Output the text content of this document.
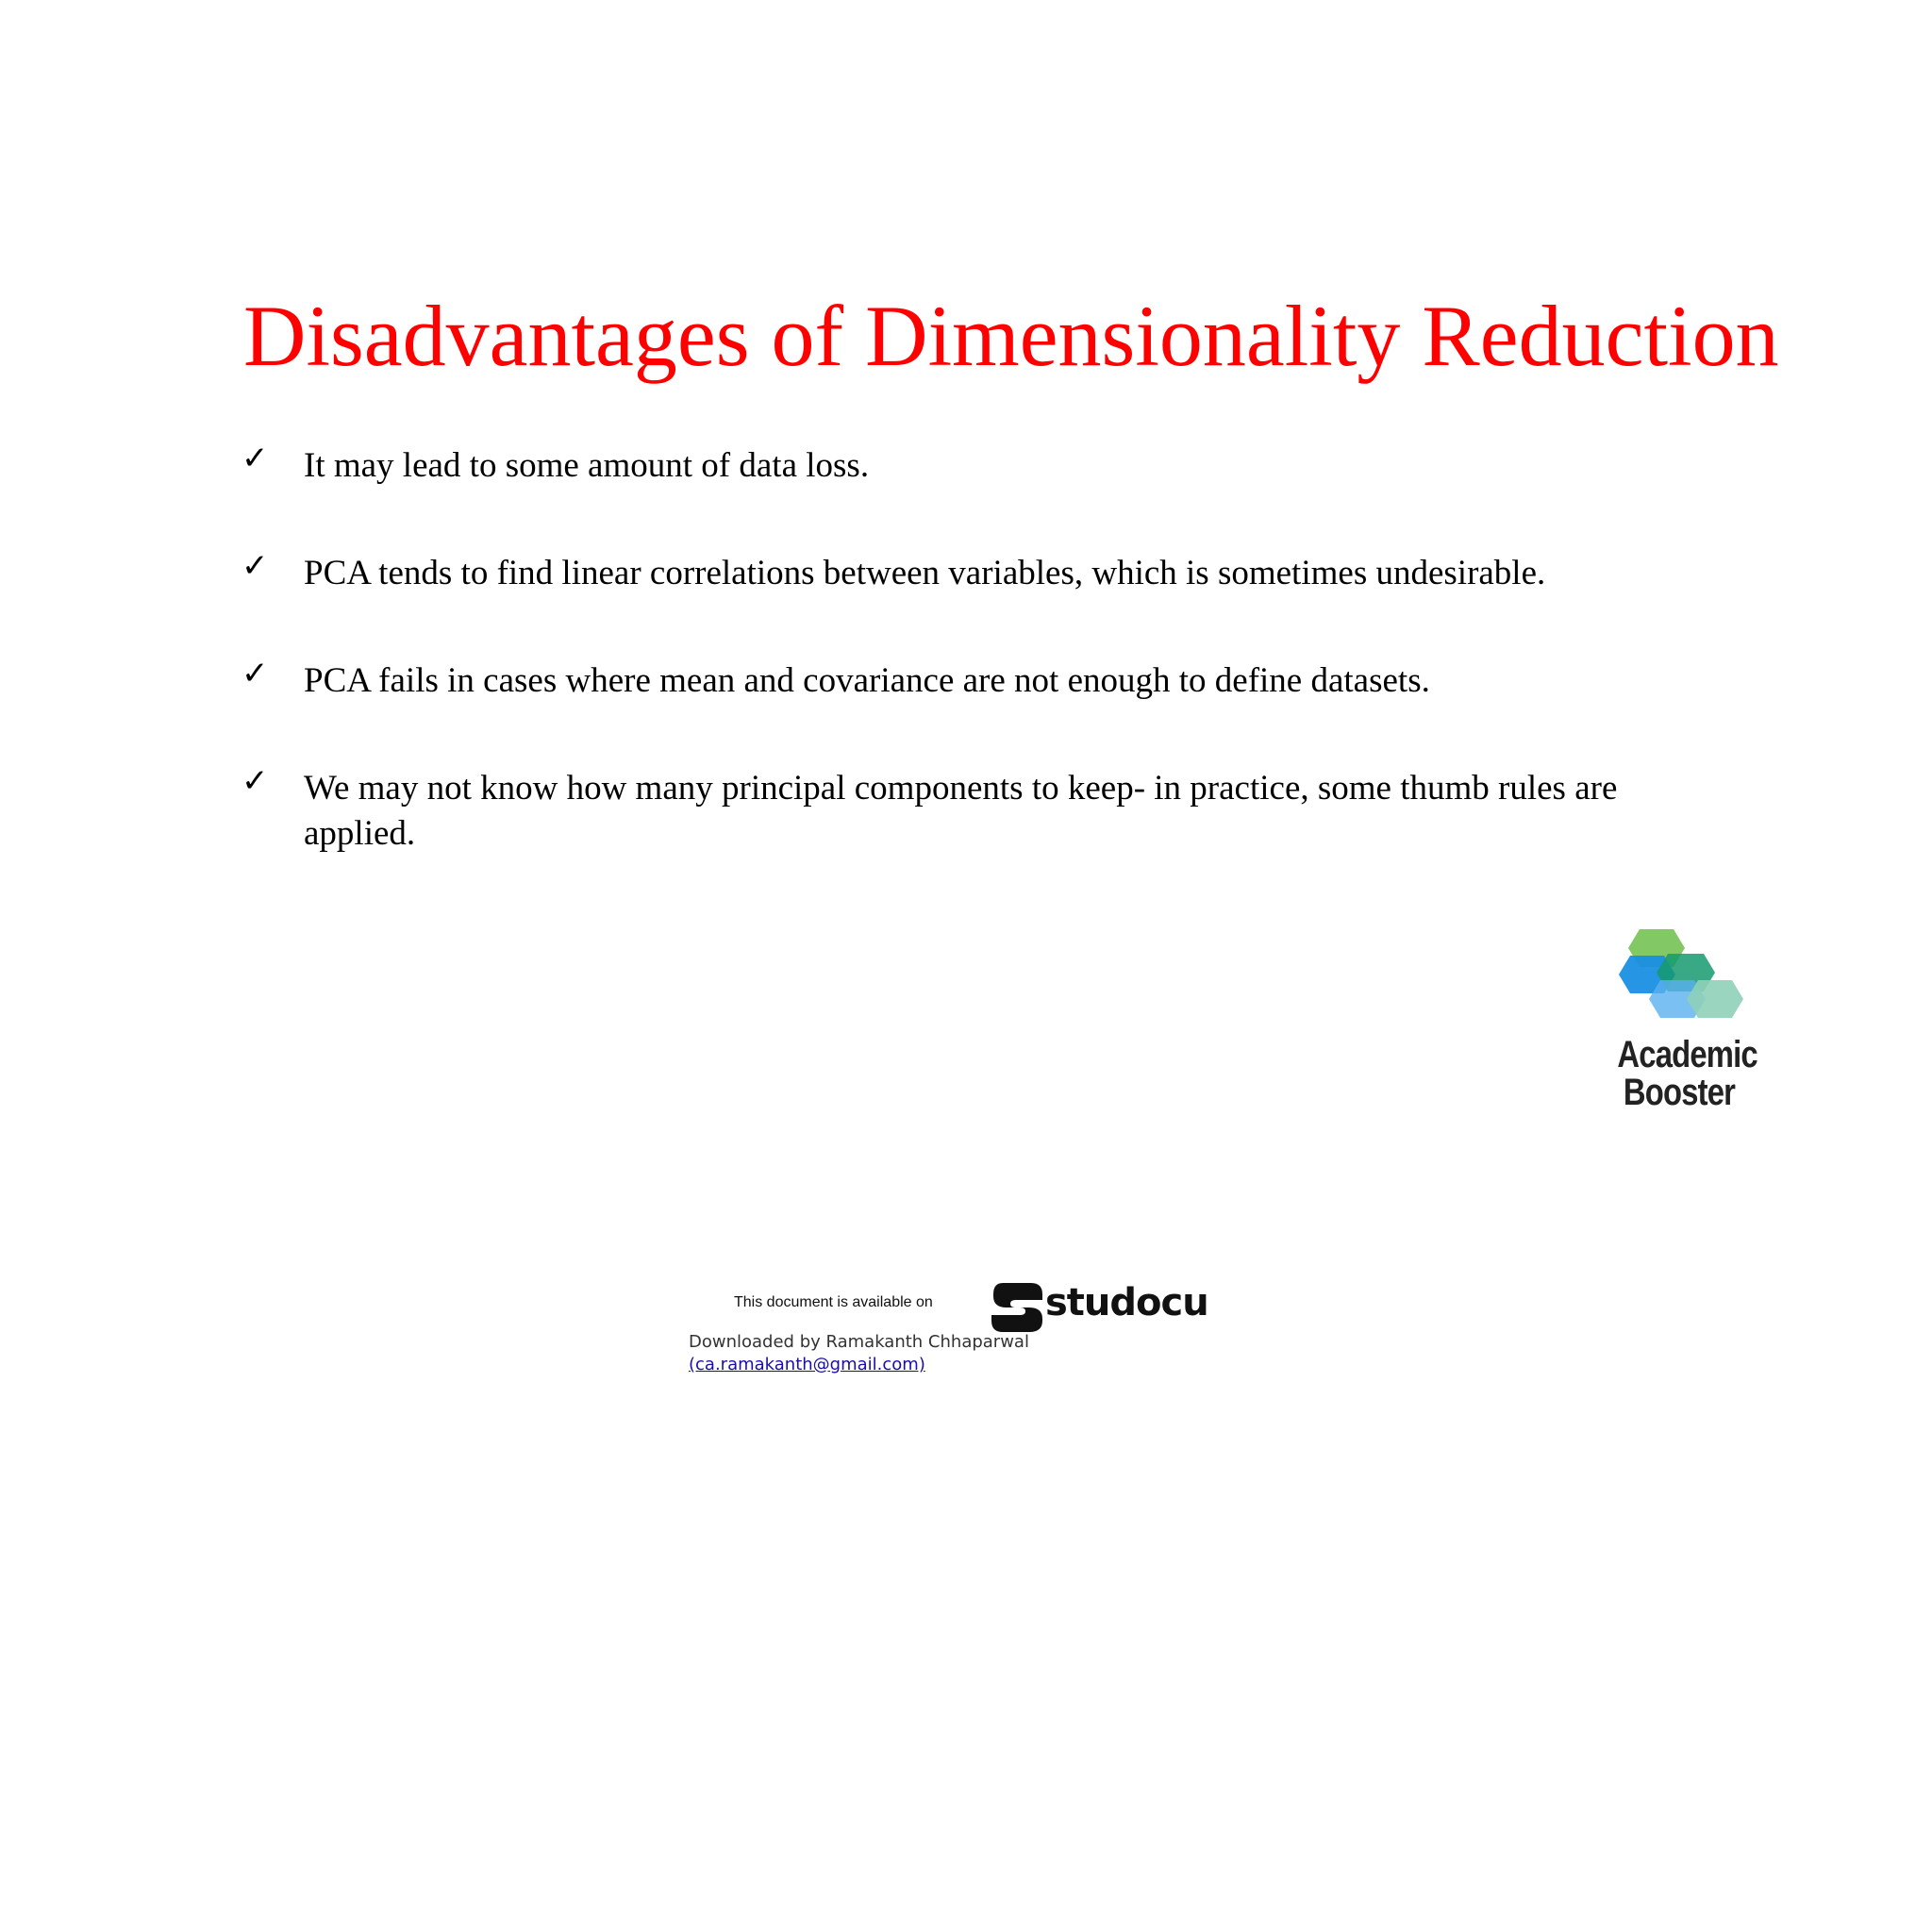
Disadvantages of Dimensionality Reduction
✓ It may lead to some amount of data loss.
✓ PCA tends to find linear correlations between variables, which is sometimes undesirable.
✓ PCA fails in cases where mean and covariance are not enough to define datasets.
✓ We may not know how many principal components to keep- in practice, some thumb rules are applied.
Academic
Booster
This document is available on	studocu
Downloaded by Ramakanth Chhaparwal
(ca.ramakanth@gmail.com)
